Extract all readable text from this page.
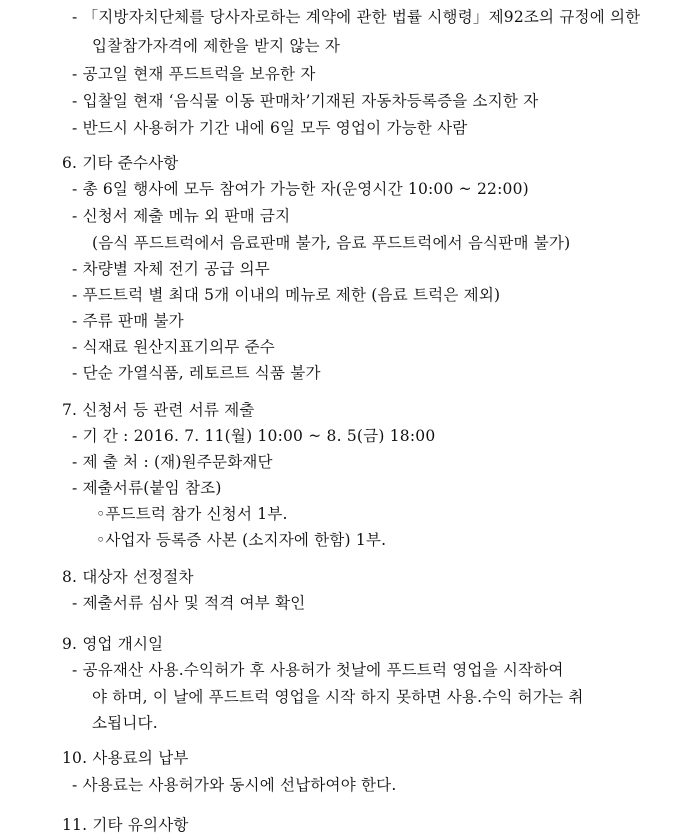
- 「지방자치단체를 당사자로하는 계약에 관한 법률 시행령」제92조의 규정에 의한
입찰참가자격에 제한을 받지 않는 자
- 공고일 현재 푸드트럭을 보유한 자
- 입찰일 현재 ‘음식물 이동 판매차’기재된 자동차등록증을 소지한 자
- 반드시 사용허가 기간 내에 6일 모두 영업이 가능한 사람
6. 기타 준수사항
- 총 6일 행사에 모두 참여가 가능한 자(운영시간 10:00 ~ 22:00)
- 신청서 제출 메뉴 외 판매 금지
(음식 푸드트럭에서 음료판매 불가, 음료 푸드트럭에서 음식판매 불가)
- 차량별 자체 전기 공급 의무
- 푸드트럭 별 최대 5개 이내의 메뉴로 제한 (음료 트럭은 제외)
- 주류 판매 불가
- 식재료 원산지표기의무 준수
- 단순 가열식품, 레토르트 식품 불가
7. 신청서 등 관련 서류 제출
- 기 간 : 2016. 7. 11(월) 10:00 ~ 8. 5(금) 18:00
- 제 출 처 : (재)원주문화재단
- 제출서류(붙임 참조)
◦푸드트럭 참가 신청서 1부.
◦사업자 등록증 사본 (소지자에 한함) 1부.
8. 대상자 선정절차
- 제출서류 심사 및 적격 여부 확인
9. 영업 개시일
- 공유재산 사용.수익허가 후 사용허가 첫날에 푸드트럭 영업을 시작하여
야 하며, 이 날에 푸드트럭 영업을 시작 하지 못하면 사용.수익 허가는 취
소됩니다.
10. 사용료의 납부
- 사용료는 사용허가와 동시에 선납하여야 한다.
11. 기타 유의사항
